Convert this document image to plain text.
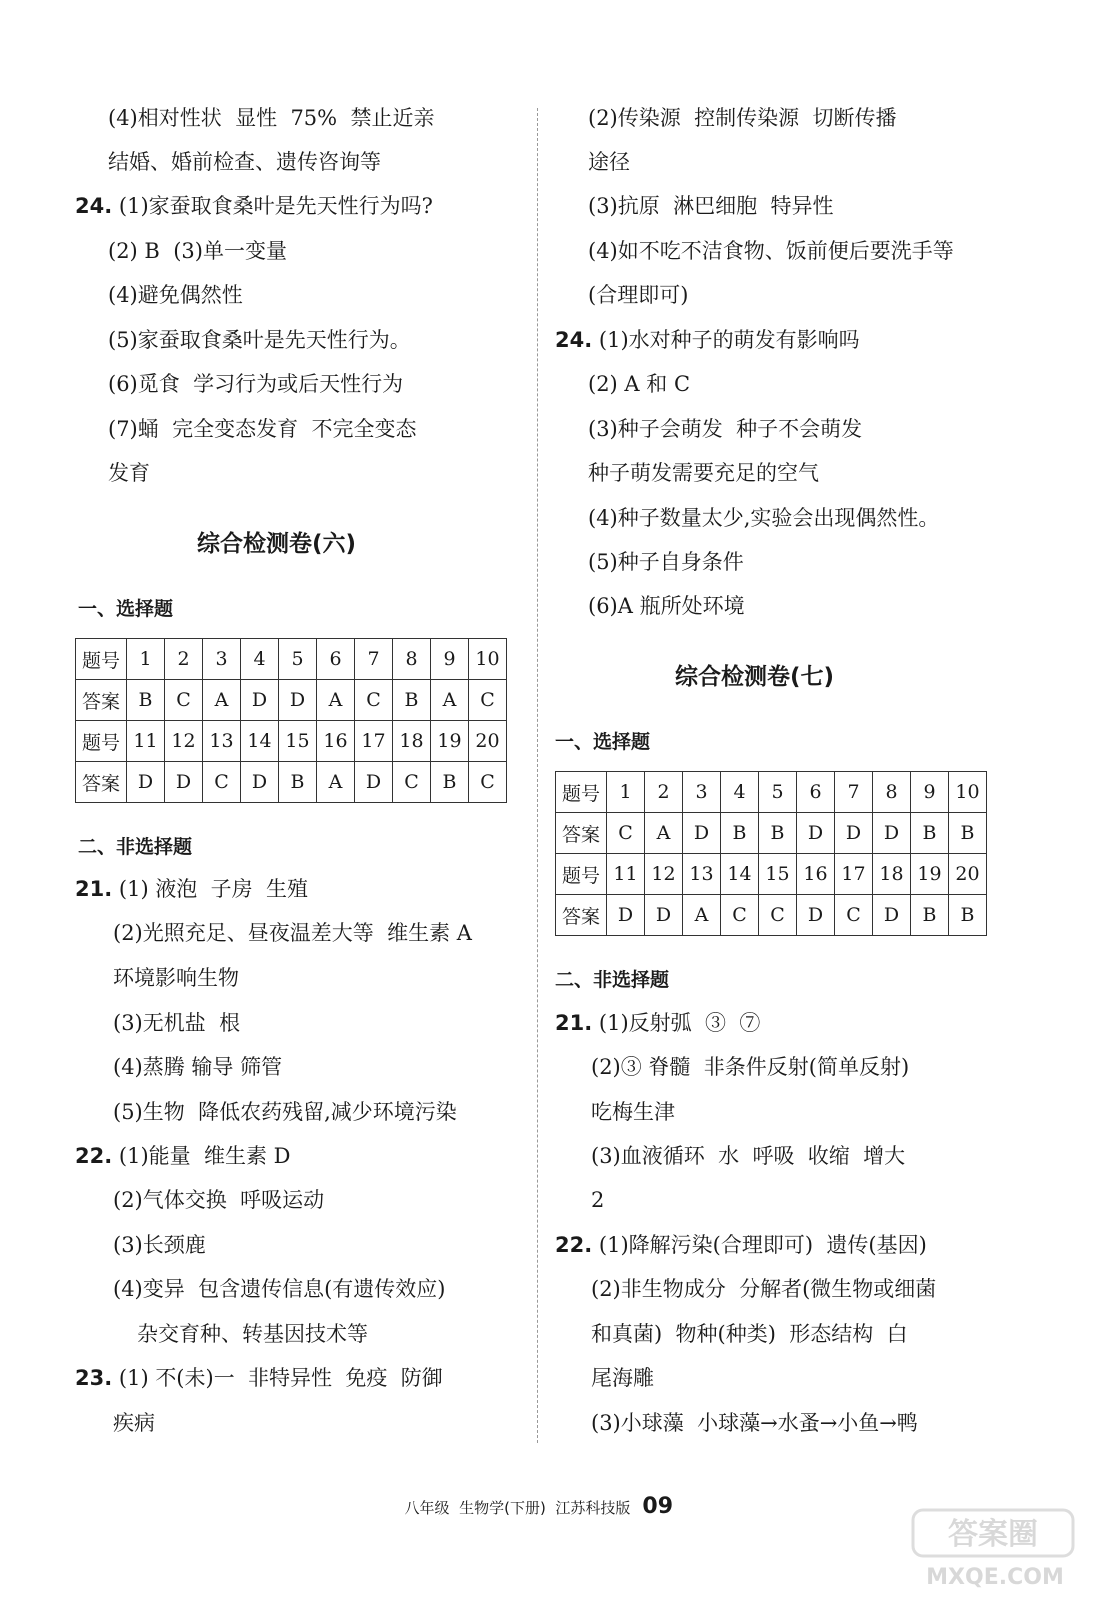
(4)相对性状  显性  75%  禁止近亲
结婚、婚前检查、遗传咨询等
24. (1)家蚕取食桑叶是先天性行为吗?
(2) B  (3)单一变量
(4)避免偶然性
(5)家蚕取食桑叶是先天性行为。
(6)觅食  学习行为或后天性行为
(7)蛹  完全变态发育  不完全变态
发育
综合检测卷(六)
一、选择题
题号	1	2	3	4	5	6	7	8	9	10
答案	B	C	A	D	D	A	C	B	A	C
题号	11	12	13	14	15	16	17	18	19	20
答案	D	D	C	D	B	A	D	C	B	C
二、非选择题
21. (1) 液泡  子房  生殖
(2)光照充足、昼夜温差大等  维生素 A
环境影响生物
(3)无机盐  根
(4)蒸腾 输导 筛管
(5)生物  降低农药残留,减少环境污染
22. (1)能量  维生素 D
(2)气体交换  呼吸运动
(3)长颈鹿
(4)变异  包含遗传信息(有遗传效应)
杂交育种、转基因技术等
23. (1) 不(未)一  非特异性  免疫  防御
疾病
(2)传染源  控制传染源  切断传播
途径
(3)抗原  淋巴细胞  特异性
(4)如不吃不洁食物、饭前便后要洗手等
(合理即可)
24. (1)水对种子的萌发有影响吗
(2) A 和 C
(3)种子会萌发  种子不会萌发
种子萌发需要充足的空气
(4)种子数量太少,实验会出现偶然性。
(5)种子自身条件
(6)A 瓶所处环境
综合检测卷(七)
一、选择题
题号	1	2	3	4	5	6	7	8	9	10
答案	C	A	D	B	B	D	D	D	B	B
题号	11	12	13	14	15	16	17	18	19	20
答案	D	D	A	C	C	D	C	D	B	B
二、非选择题
21. (1)反射弧  ③  ⑦
(2)③ 脊髓  非条件反射(简单反射)
吃梅生津
(3)血液循环  水  呼吸  收缩  增大
2
22. (1)降解污染(合理即可)  遗传(基因)
(2)非生物成分  分解者(微生物或细菌
和真菌)  物种(种类)  形态结构  白
尾海雕
(3)小球藻  小球藻→水蚤→小鱼→鸭

八年级 生物学(下册) 江苏科技版 09

答案圈
MXQE.COM
